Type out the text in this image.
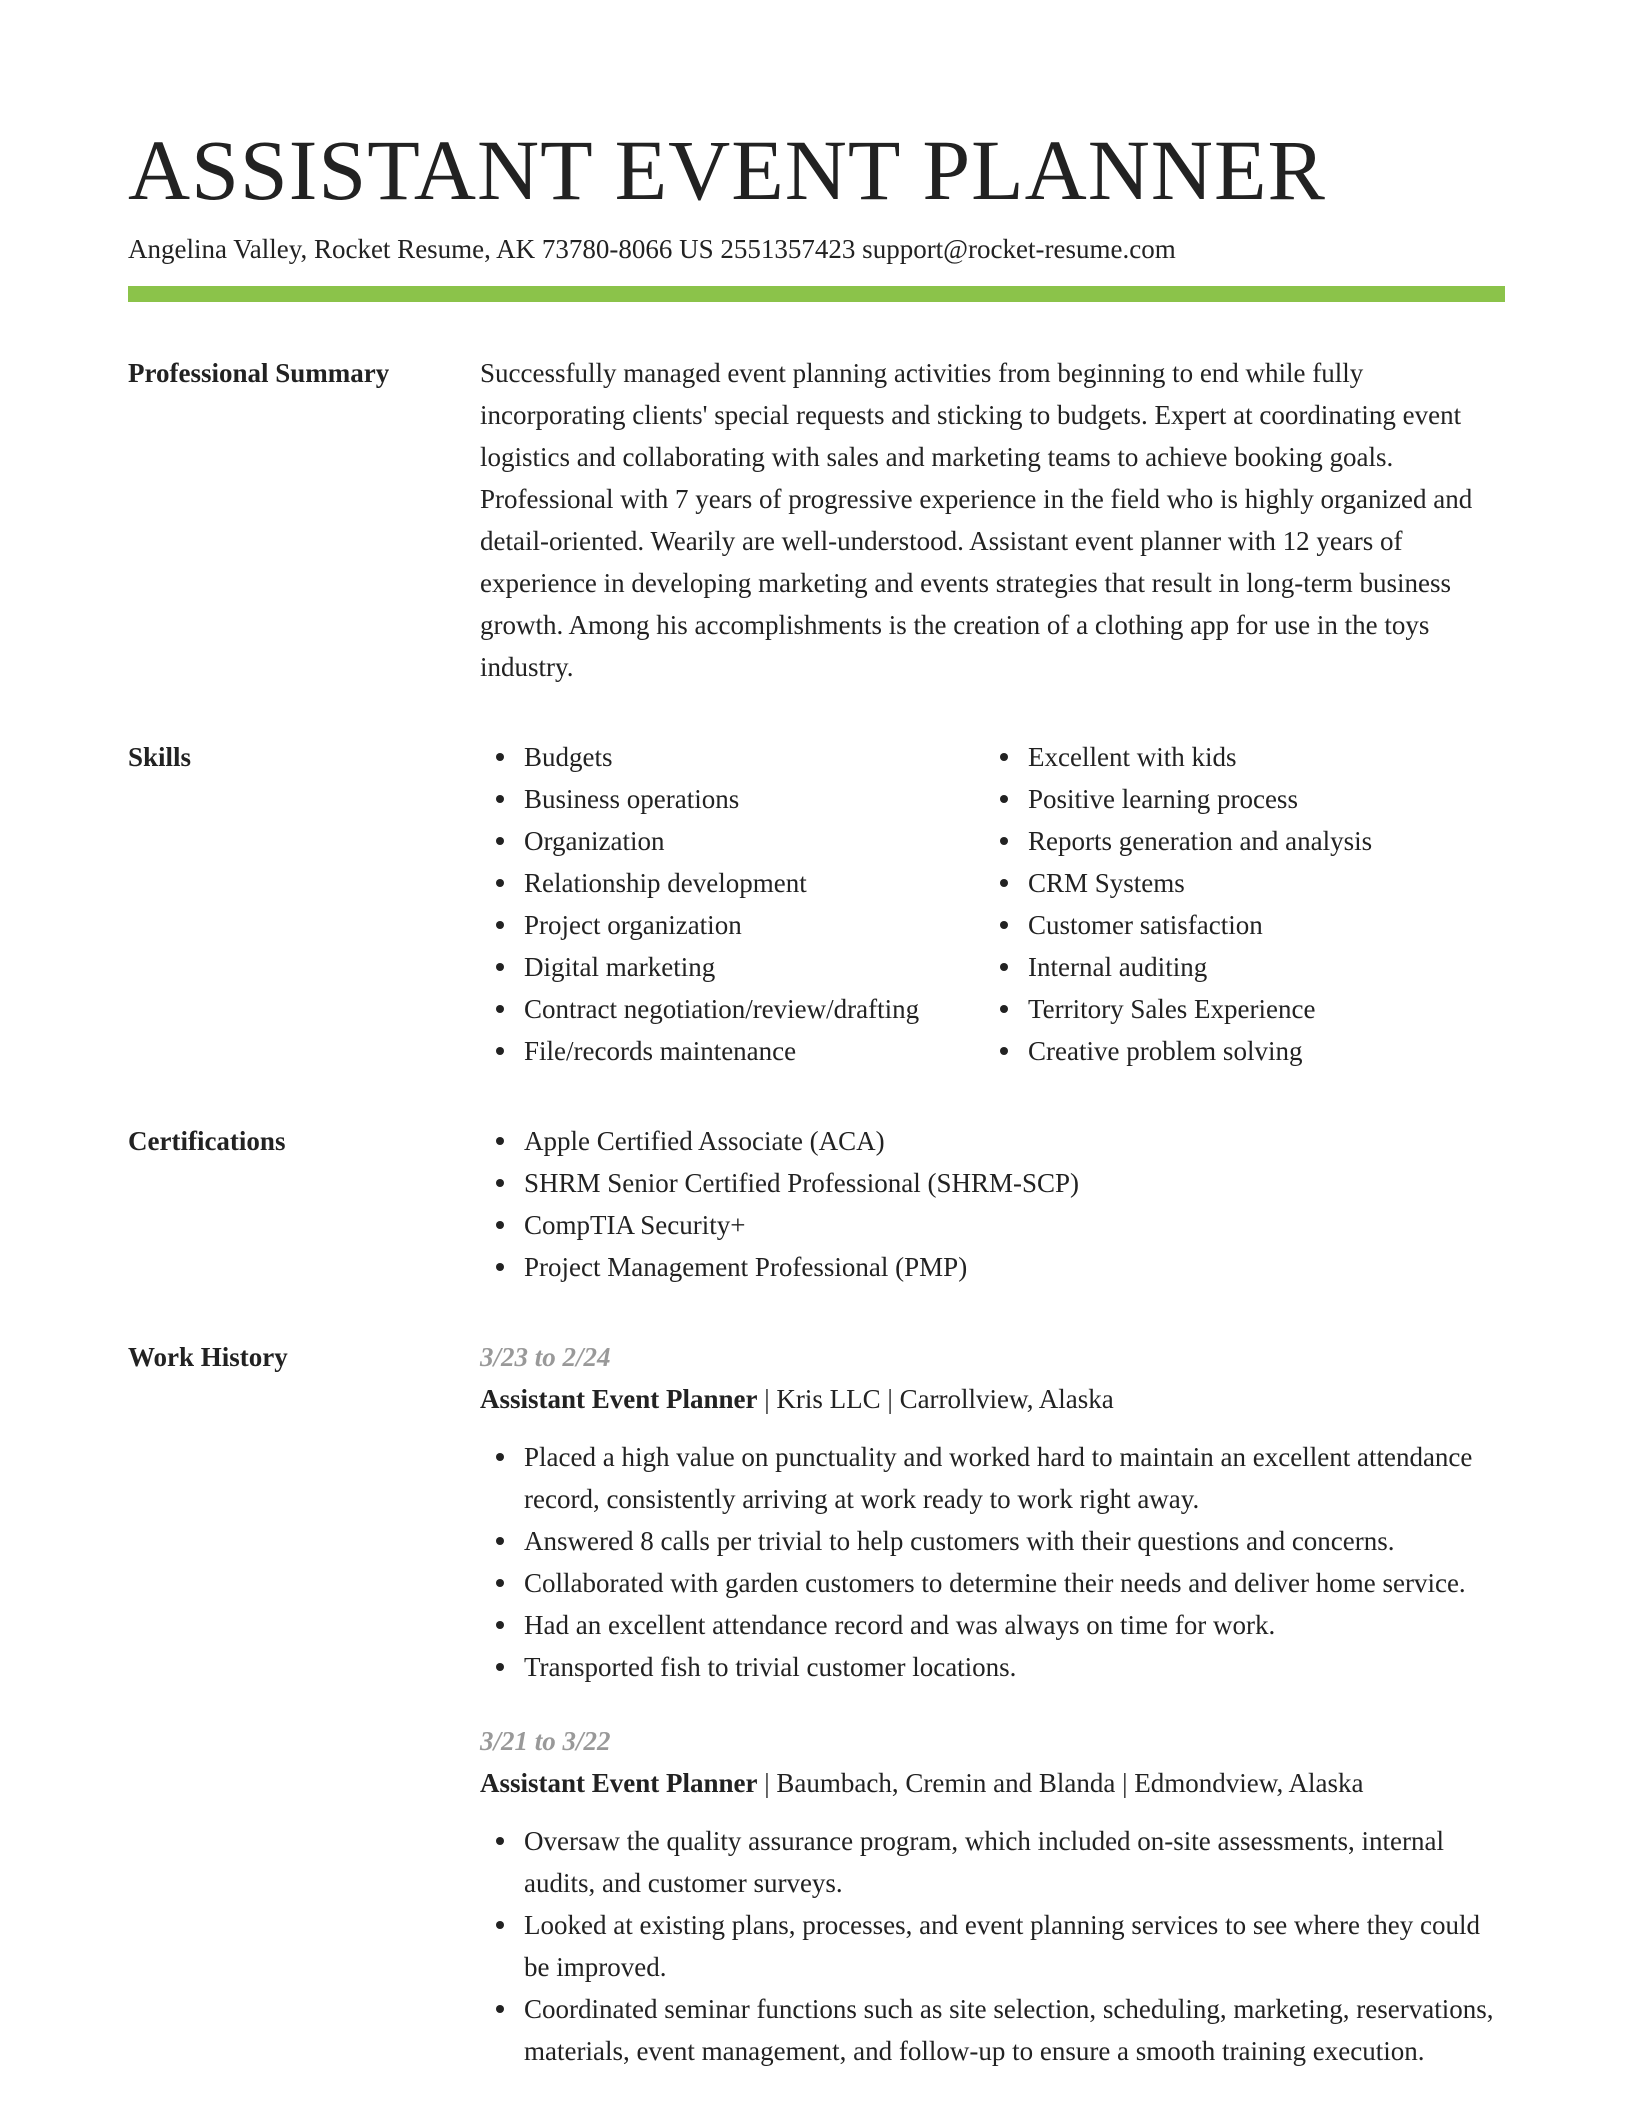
ASSISTANT EVENT PLANNER
Angelina Valley, Rocket Resume, AK 73780-8066 US 2551357423 support@rocket-resume.com
Professional Summary	Successfully managed event planning activities from beginning to end while fully incorporating clients' special requests and sticking to budgets. Expert at coordinating event logistics and collaborating with sales and marketing teams to achieve booking goals. Professional with 7 years of progressive experience in the field who is highly organized and detail-oriented. Wearily are well-understood. Assistant event planner with 12 years of experience in developing marketing and events strategies that result in long-term business growth. Among his accomplishments is the creation of a clothing app for use in the toys industry.

Skills	Budgets
Business operations
Organization
Relationship development
Project organization
Digital marketing
Contract negotiation/review/drafting
File/records maintenance
Excellent with kids
Positive learning process
Reports generation and analysis
CRM Systems
Customer satisfaction
Internal auditing
Territory Sales Experience
Creative problem solving
Certifications	Apple Certified Associate (ACA)
SHRM Senior Certified Professional (SHRM-SCP)
CompTIA Security+
Project Management Professional (PMP)
Work History	3/23 to 2/24
Assistant Event Planner | Kris LLC | Carrollview, Alaska
Placed a high value on punctuality and worked hard to maintain an excellent attendance record, consistently arriving at work ready to work right away.
Answered 8 calls per trivial to help customers with their questions and concerns.
Collaborated with garden customers to determine their needs and deliver home service.
Had an excellent attendance record and was always on time for work.
Transported fish to trivial customer locations.
3/21 to 3/22
Assistant Event Planner | Baumbach, Cremin and Blanda | Edmondview, Alaska
Oversaw the quality assurance program, which included on-site assessments, internal audits, and customer surveys.
Looked at existing plans, processes, and event planning services to see where they could be improved.
Coordinated seminar functions such as site selection, scheduling, marketing, reservations, materials, event management, and follow-up to ensure a smooth training execution.
